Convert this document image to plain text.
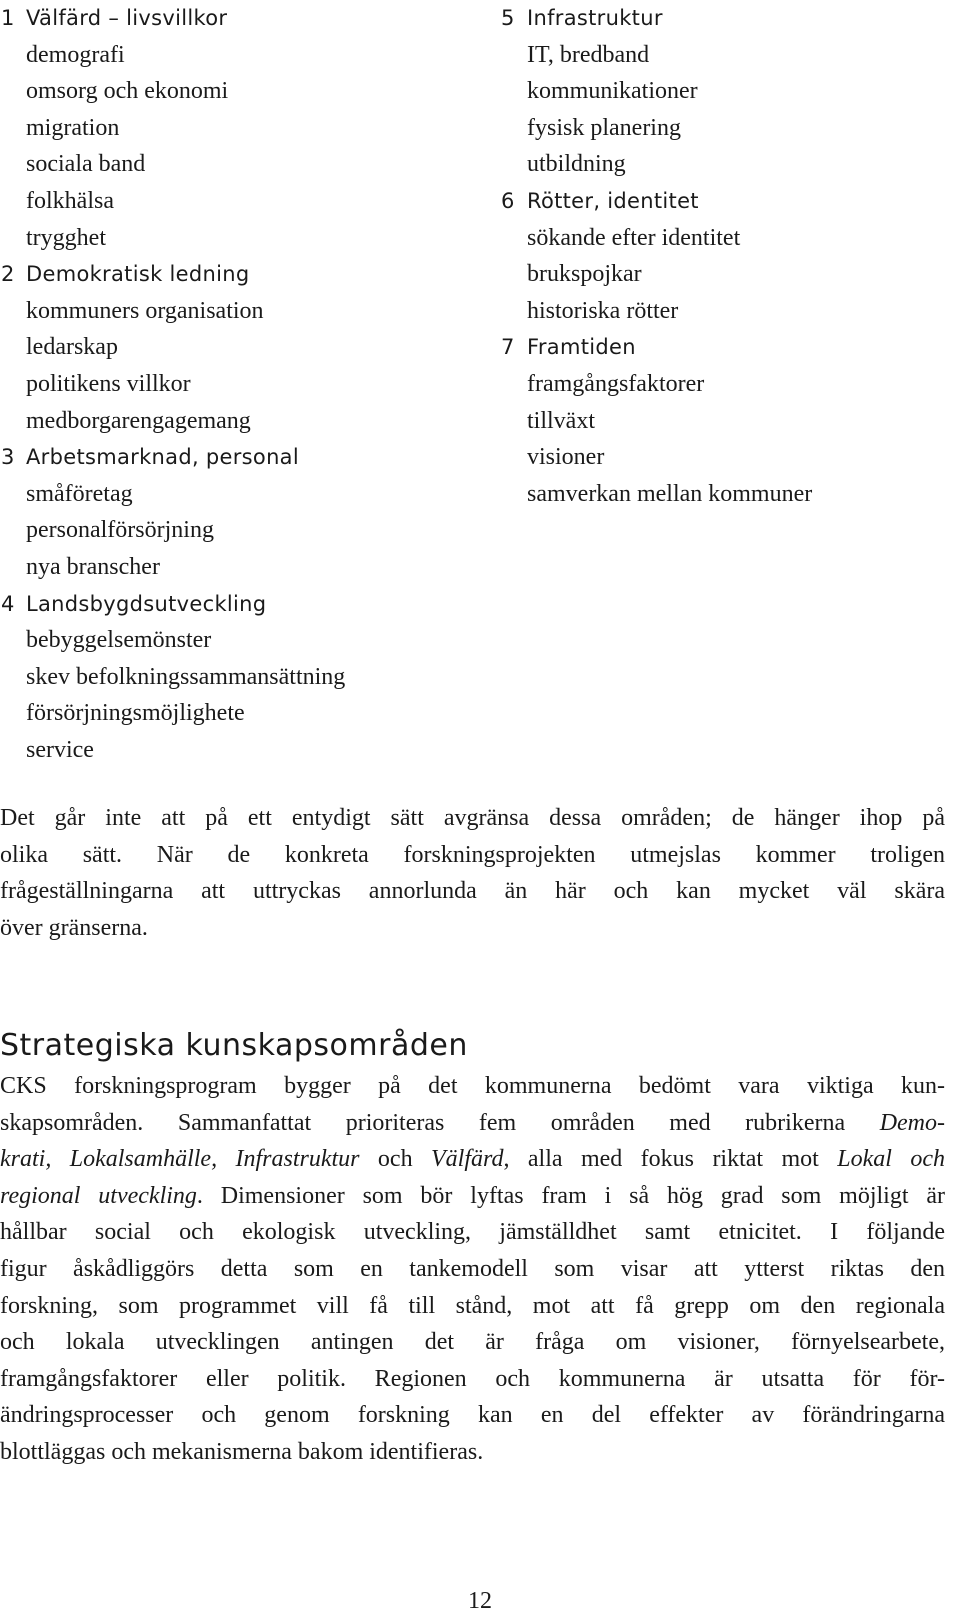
1 Välfärd – livsvillkor
demografi
omsorg och ekonomi
migration
sociala band
folkhälsa
trygghet
2 Demokratisk ledning
kommuners organisation
ledarskap
politikens villkor
medborgarengagemang
3 Arbetsmarknad, personal
småföretag
personalförsörjning
nya branscher
4 Landsbygdsutveckling
bebyggelsemönster
skev befolkningssammansättning
försörjningsmöjlighete
service
5 Infrastruktur
IT, bredband
kommunikationer
fysisk planering
utbildning
6 Rötter, identitet
sökande efter identitet
brukspojkar
historiska rötter
7 Framtiden
framgångsfaktorer
tillväxt
visioner
samverkan mellan kommuner

Det går inte att på ett entydigt sätt avgränsa dessa områden; de hänger ihop på
olika sätt. När de konkreta forskningsprojekten utmejslas kommer troligen
frågeställningarna att uttryckas annorlunda än här och kan mycket väl skära
över gränserna.

Strategiska kunskapsområden

CKS forskningsprogram bygger på det kommunerna bedömt vara viktiga kun-
skapsområden. Sammanfattat prioriteras fem områden med rubrikerna Demo-
krati, Lokalsamhälle, Infrastruktur och Välfärd, alla med fokus riktat mot Lokal och
regional utveckling. Dimensioner som bör lyftas fram i så hög grad som möjligt är
hållbar social och ekologisk utveckling, jämställdhet samt etnicitet. I följande
figur åskådliggörs detta som en tankemodell som visar att ytterst riktas den
forskning, som programmet vill få till stånd, mot att få grepp om den regionala
och lokala utvecklingen antingen det är fråga om visioner, förnyelsearbete,
framgångsfaktorer eller politik. Regionen och kommunerna är utsatta för för-
ändringsprocesser och genom forskning kan en del effekter av förändringarna
blottläggas och mekanismerna bakom identifieras.

12
